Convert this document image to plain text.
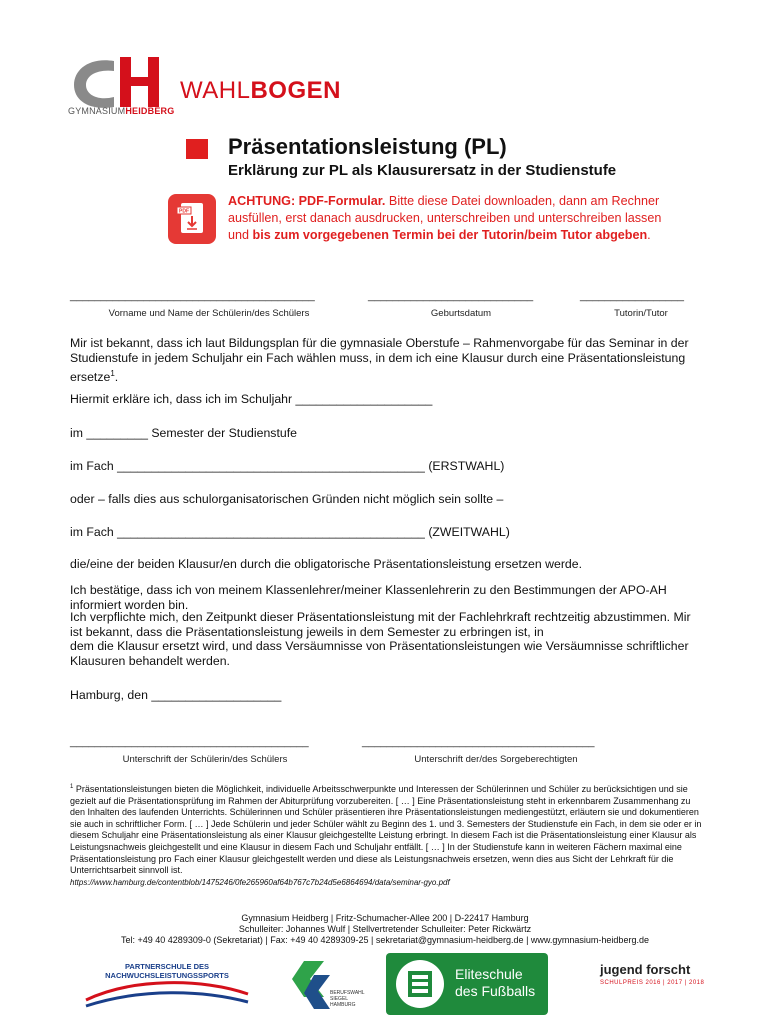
GYMNASIUMHEIDBERG
WAHLBOGEN
Präsentationsleistung (PL)
Erklärung zur PL als Klausurersatz in der Studienstufe
PDF
ACHTUNG: PDF-Formular. Bitte diese Datei downloaden, dann am Rechner ausfüllen, erst danach ausdrucken, unterschreiben und unterschreiben lassen und bis zum vorgegebenen Termin bei der Tutorin/beim Tutor abgeben.
________________________________________	___________________________	_________________
Vorname und Name der Schülerin/des Schülers	Geburtsdatum	Tutorin/Tutor
Mir ist bekannt, dass ich laut Bildungsplan für die gymnasiale Oberstufe – Rahmenvorgabe für das Seminar in der Studienstufe in jedem Schuljahr ein Fach wählen muss, in dem ich eine Klausur durch eine Präsentationsleistung ersetze$^1$.
Hiermit erkläre ich, dass ich im Schuljahr ____________________
im _________ Semester der Studienstufe
im Fach _____________________________________________ (ERSTWAHL)
oder – falls dies aus schulorganisatorischen Gründen nicht möglich sein sollte –
im Fach _____________________________________________ (ZWEITWAHL)
die/eine der beiden Klausur/en durch die obligatorische Präsentationsleistung ersetzen werde.
Ich bestätige, dass ich von meinem Klassenlehrer/meiner Klassenlehrerin zu den Bestimmungen der APO-AH informiert worden bin.
Ich verpflichte mich, den Zeitpunkt dieser Präsentationsleistung mit der Fachlehrkraft rechtzeitig abzustimmen. Mir ist bekannt, dass die Präsentationsleistung jeweils in dem Semester zu erbringen ist, in
dem die Klausur ersetzt wird, und dass Versäumnisse von Präsentationsleistungen wie Versäumnisse schriftlicher Klausuren behandelt werden.
Hamburg, den ___________________
_______________________________________	______________________________________
Unterschrift der Schülerin/des Schülers	Unterschrift der/des Sorgeberechtigten
$^1$ Präsentationsleistungen bieten die Möglichkeit, individuelle Arbeitsschwerpunkte und Interessen der Schülerinnen und Schüler zu berücksichtigen und sie gezielt auf die Präsentationsprüfung im Rahmen der Abiturprüfung vorzubereiten. [ … ] Eine Präsentationsleistung steht in erkennbarem Zusammenhang zu den Inhalten des laufenden Unterrichts. Schülerinnen und Schüler präsentieren ihre Präsentationsleistungen mediengestützt, erläutern sie und dokumentieren sie auch in schriftlicher Form. [ … ] Jede Schülerin und jeder Schüler wählt zu Beginn des 1. und 3. Semesters der Studienstufe ein Fach, in dem sie oder er in diesem Schuljahr eine Präsentationsleistung als einer Klausur gleichgestellte Leistung erbringt. In diesem Fach ist die Präsentationsleistung einer Klausur als Leistungsnachweis gleichgestellt und eine Klausur in diesem Fach und Schuljahr entfällt. [ … ] In der Studienstufe kann in weiteren Fächern maximal eine Präsentationsleistung pro Fach einer Klausur gleichgestellt werden und diese als Leistungsnachweis ersetzen, wenn dies aus Sicht der Lehrkraft für die Unterrichtsarbeit sinnvoll ist.
https://www.hamburg.de/contentblob/1475246/0fe265960af64b767c7b24d5e6864694/data/seminar-gyo.pdf
Gymnasium Heidberg | Fritz-Schumacher-Allee 200 | D-22417 Hamburg
Schulleiter: Johannes Wulf | Stellvertretender Schulleiter: Peter Rickwärtz
Tel: +49 40 4289309-0 (Sekretariat) | Fax: +49 40 4289309-25 | sekretariat@gymnasium-heidberg.de | www.gymnasium-heidberg.de
PARTNERSCHULE DES
NACHWUCHSLEISTUNGSSPORTS
BERUFSWAHL
SIEGEL
HAMBURG
Eliteschule
des Fußballs
jugend forscht
SCHULPREIS 2016 | 2017 | 2018
